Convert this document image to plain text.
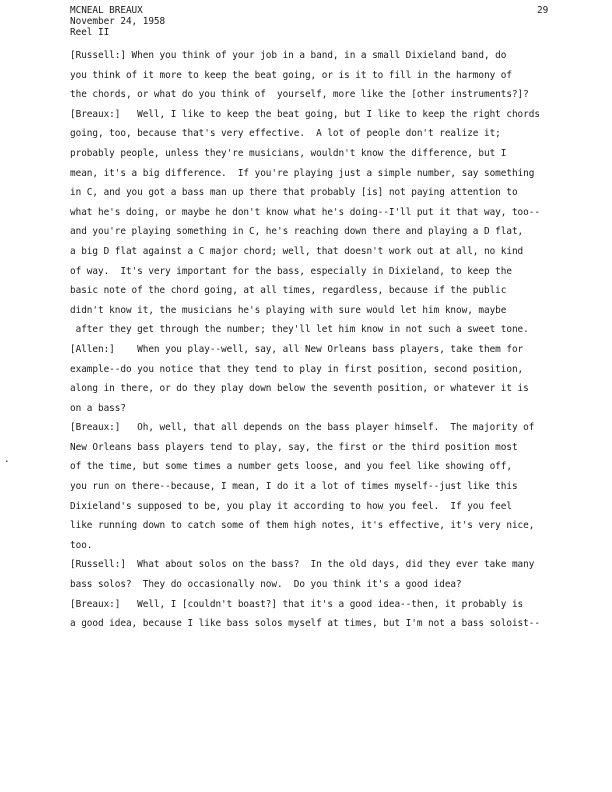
MCNEAL BREAUX
November 24, 1958
Reel II
29
[Russell:] When you think of your job in a band, in a small Dixieland band, do
you think of it more to keep the beat going, or is it to fill in the harmony of
the chords, or what do you think of  yourself, more like the [other instruments?]?
[Breaux:]   Well, I like to keep the beat going, but I like to keep the right chords
going, too, because that's very effective.  A lot of people don't realize it;
probably people, unless they're musicians, wouldn't know the difference, but I
mean, it's a big difference.  If you're playing just a simple number, say something
in C, and you got a bass man up there that probably [is] not paying attention to
what he's doing, or maybe he don't know what he's doing--I'll put it that way, too--
and you're playing something in C, he's reaching down there and playing a D flat,
a big D flat against a C major chord; well, that doesn't work out at all, no kind
of way.  It's very important for the bass, especially in Dixieland, to keep the
basic note of the chord going, at all times, regardless, because if the public
didn't know it, the musicians he's playing with sure would let him know, maybe
after they get through the number; they'll let him know in not such a sweet tone.
[Allen:]    When you play--well, say, all New Orleans bass players, take them for
example--do you notice that they tend to play in first position, second position,
along in there, or do they play down below the seventh position, or whatever it is
on a bass?
[Breaux:]   Oh, well, that all depends on the bass player himself.  The majority of
New Orleans bass players tend to play, say, the first or the third position most
of the time, but some times a number gets loose, and you feel like showing off,
you run on there--because, I mean, I do it a lot of times myself--just like this
Dixieland's supposed to be, you play it according to how you feel.  If you feel
like running down to catch some of them high notes, it's effective, it's very nice,
too.
[Russell:]  What about solos on the bass?  In the old days, did they ever take many
bass solos?  They do occasionally now.  Do you think it's a good idea?
[Breaux:]   Well, I [couldn't boast?] that it's a good idea--then, it probably is
a good idea, because I like bass solos myself at times, but I'm not a bass soloist--
.
